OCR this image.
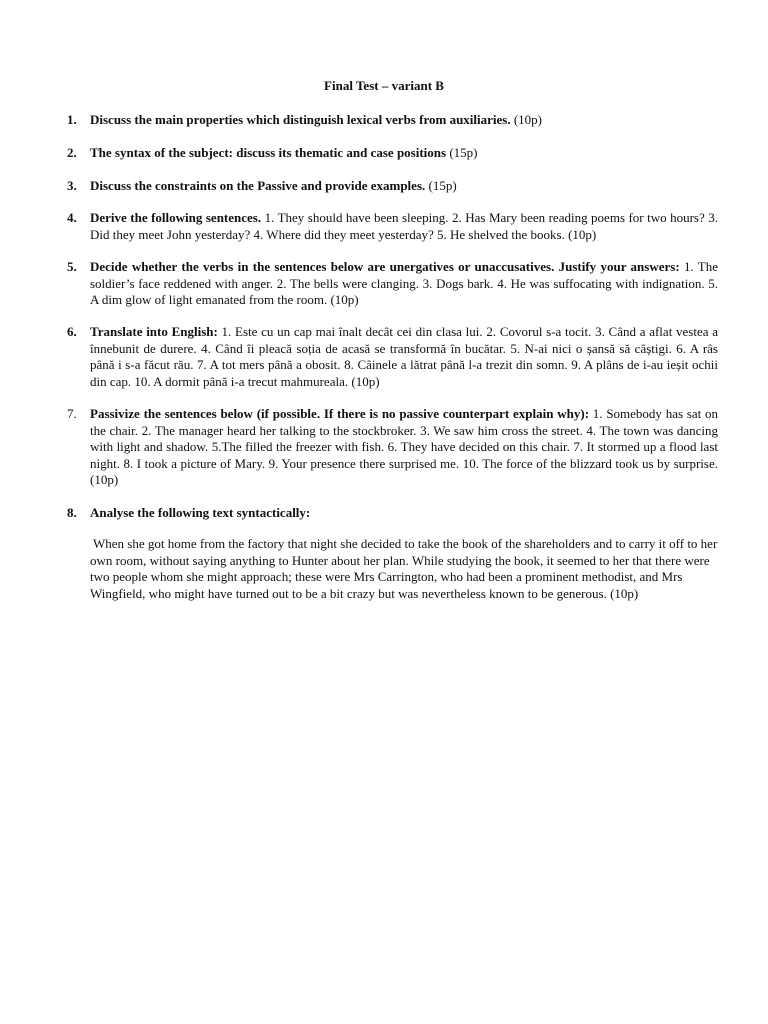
Final Test – variant B
1. Discuss the main properties which distinguish lexical verbs from auxiliaries. (10p)
2. The syntax of the subject: discuss its thematic and case positions (15p)
3. Discuss the constraints on the Passive and provide examples. (15p)
4. Derive the following sentences. 1. They should have been sleeping. 2. Has Mary been reading poems for two hours? 3. Did they meet John yesterday? 4. Where did they meet yesterday? 5. He shelved the books. (10p)
5. Decide whether the verbs in the sentences below are unergatives or unaccusatives. Justify your answers: 1. The soldier’s face reddened with anger. 2. The bells were clanging. 3. Dogs bark. 4. He was suffocating with indignation. 5. A dim glow of light emanated from the room. (10p)
6. Translate into English: 1. Este cu un cap mai înalt decât cei din clasa lui. 2. Covorul s-a tocit. 3. Când a aflat vestea a înnebunit de durere. 4. Când îi pleacă soția de acasă se transformă în bucătar. 5. N-ai nici o șansă să câștigi. 6. A râs până i s-a făcut rău. 7. A tot mers până a obosit. 8. Câinele a lătrat până l-a trezit din somn. 9. A plâns de i-au ieșit ochii din cap. 10. A dormit până i-a trecut mahmureala. (10p)
7. Passivize the sentences below (if possible. If there is no passive counterpart explain why): 1. Somebody has sat on the chair. 2. The manager heard her talking to the stockbroker. 3. We saw him cross the street. 4. The town was dancing with light and shadow. 5.The filled the freezer with fish. 6. They have decided on this chair. 7. It stormed up a flood last night. 8. I took a picture of Mary. 9. Your presence there surprised me. 10. The force of the blizzard took us by surprise. (10p)
8. Analyse the following text syntactically:
When she got home from the factory that night she decided to take the book of the shareholders and to carry it off to her own room, without saying anything to Hunter about her plan. While studying the book, it seemed to her that there were two people whom she might approach; these were Mrs Carrington, who had been a prominent methodist, and Mrs Wingfield, who might have turned out to be a bit crazy but was nevertheless known to be generous. (10p)
